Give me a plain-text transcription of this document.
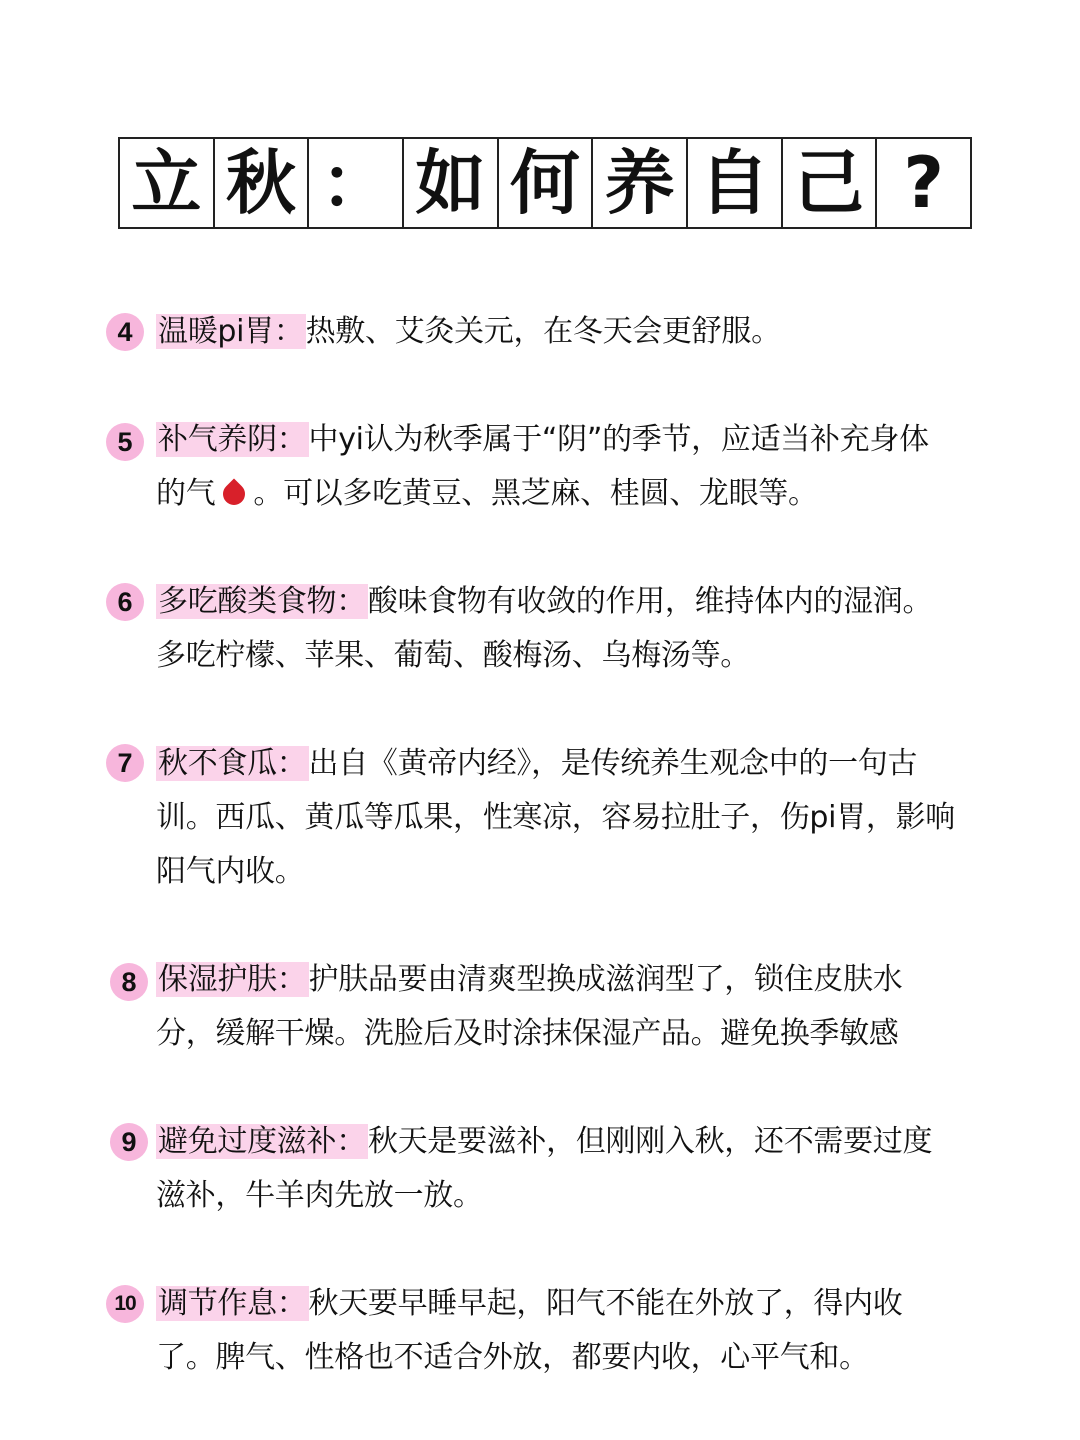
立 秋 ： 如 何 养 自 己 ?
4 温暖pi胃：热敷、艾灸关元，在冬天会更舒服。
5 补气养阴：中yi认为秋季属于“阴”的季节，应适当补充身体的气 。可以多吃黄豆、黑芝麻、桂圆、龙眼等。
6 多吃酸类食物：酸味食物有收敛的作用，维持体内的湿润。多吃柠檬、苹果、葡萄、酸梅汤、乌梅汤等。
7 秋不食瓜：出自《黄帝内经》，是传统养生观念中的一句古训。西瓜、黄瓜等瓜果，性寒凉，容易拉肚子，伤pi胃，影响阳气内收。
8 保湿护肤：护肤品要由清爽型换成滋润型了，锁住皮肤水分，缓解干燥。洗脸后及时涂抹保湿产品。避免换季敏感
9 避免过度滋补：秋天是要滋补，但刚刚入秋，还不需要过度滋补，牛羊肉先放一放。
10 调节作息：秋天要早睡早起，阳气不能在外放了，得内收了。脾气、性格也不适合外放，都要内收，心平气和。
